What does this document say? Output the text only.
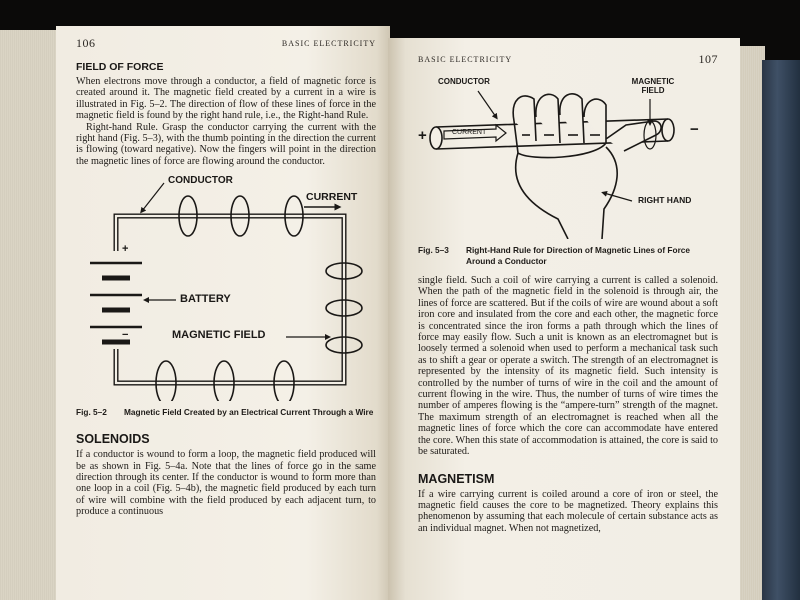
106	BASIC ELECTRICITY
FIELD OF FORCE

When electrons move through a conductor, a field of magnetic force is created around it. The magnetic field created by a current in a wire is illustrated in Fig. 5–2. The direction of flow of these lines of force in the magnetic field is found by the right hand rule, i.e., the Right-hand Rule.

Right-hand Rule. Grasp the conductor carrying the current with the right hand (Fig. 5–3), with the thumb pointing in the direction the current is flowing (toward negative). Now the fingers will point in the direction the magnetic lines of force are flowing around the conductor.

CONDUCTOR
CURRENT
BATTERY
MAGNETIC FIELD
+
−
Fig. 5–2	Magnetic Field Created by an Electrical Current Through a Wire
SOLENOIDS

If a conductor is wound to form a loop, the magnetic field produced will be as shown in Fig. 5–4a. Note that the lines of force go in the same direction through its center. If the conductor is wound to form more than one loop in a coil (Fig. 5–4b), the magnetic field produced by each turn of wire will combine with the field produced by each adjacent turn, to produce a continuous

BASIC ELECTRICITY	107
CONDUCTOR
CURRENT
MAGNETIC FIELD
RIGHT HAND
+	−
Fig. 5–3	Right-Hand Rule for Direction of Magnetic Lines of Force Around a Conductor

single field. Such a coil of wire carrying a current is called a solenoid. When the path of the magnetic field in the solenoid is through air, the lines of force are scattered. But if the coils of wire are wound about a soft iron core and insulated from the core and each other, the magnetic force is concentrated since the iron forms a path through which the lines of force may easily flow. Such a unit is known as an electromagnet but is loosely termed a solenoid when used to perform a mechanical task such as to shift a gear or operate a switch. The strength of an electromagnet is represented by the intensity of its magnetic field. Such intensity is controlled by the number of turns of wire in the coil and the amount of current flowing in the wire. Thus, the number of turns of wire times the number of amperes flowing is the “ampere-turn” strength of the magnet. The maximum strength of an electromagnet is reached when all the magnetic lines of force which the core can accommodate have entered the core. When this state of accommodation is attained, the core is said to be saturated.

MAGNETISM

If a wire carrying current is coiled around a core of iron or steel, the magnetic field causes the core to be magnetized. Theory explains this phenomenon by assuming that each molecule of certain substance acts as an individual magnet. When not magnetized,
